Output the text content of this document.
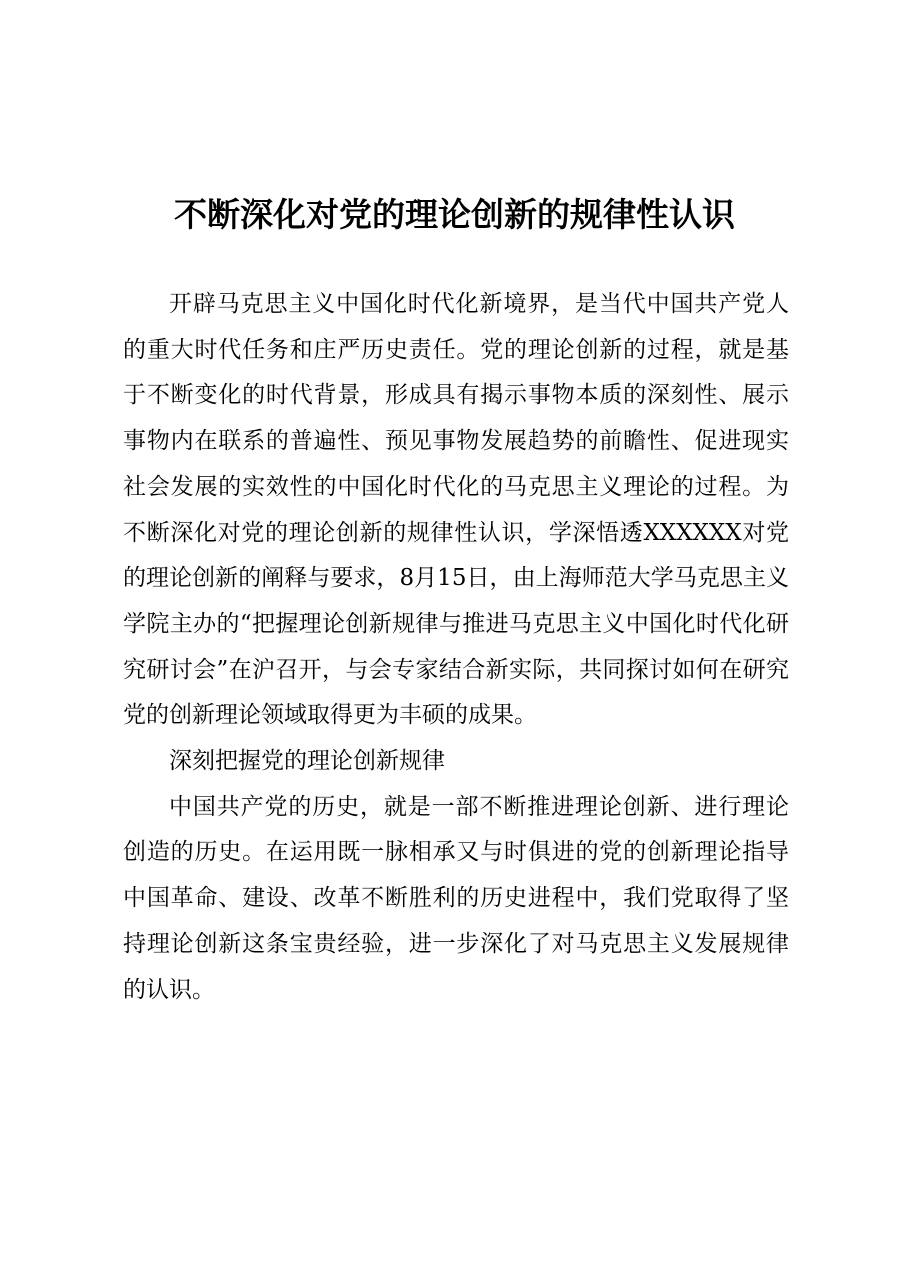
不断深化对党的理论创新的规律性认识

开辟马克思主义中国化时代化新境界，是当代中国共产党人的重大时代任务和庄严历史责任。党的理论创新的过程，就是基于不断变化的时代背景，形成具有揭示事物本质的深刻性、展示事物内在联系的普遍性、预见事物发展趋势的前瞻性、促进现实社会发展的实效性的中国化时代化的马克思主义理论的过程。为不断深化对党的理论创新的规律性认识，学深悟透XXXXXX对党的理论创新的阐释与要求，8月15日，由上海师范大学马克思主义学院主办的“把握理论创新规律与推进马克思主义中国化时代化研究研讨会”在沪召开，与会专家结合新实际，共同探讨如何在研究党的创新理论领域取得更为丰硕的成果。

深刻把握党的理论创新规律

中国共产党的历史，就是一部不断推进理论创新、进行理论创造的历史。在运用既一脉相承又与时俱进的党的创新理论指导中国革命、建设、改革不断胜利的历史进程中，我们党取得了坚持理论创新这条宝贵经验，进一步深化了对马克思主义发展规律的认识。
